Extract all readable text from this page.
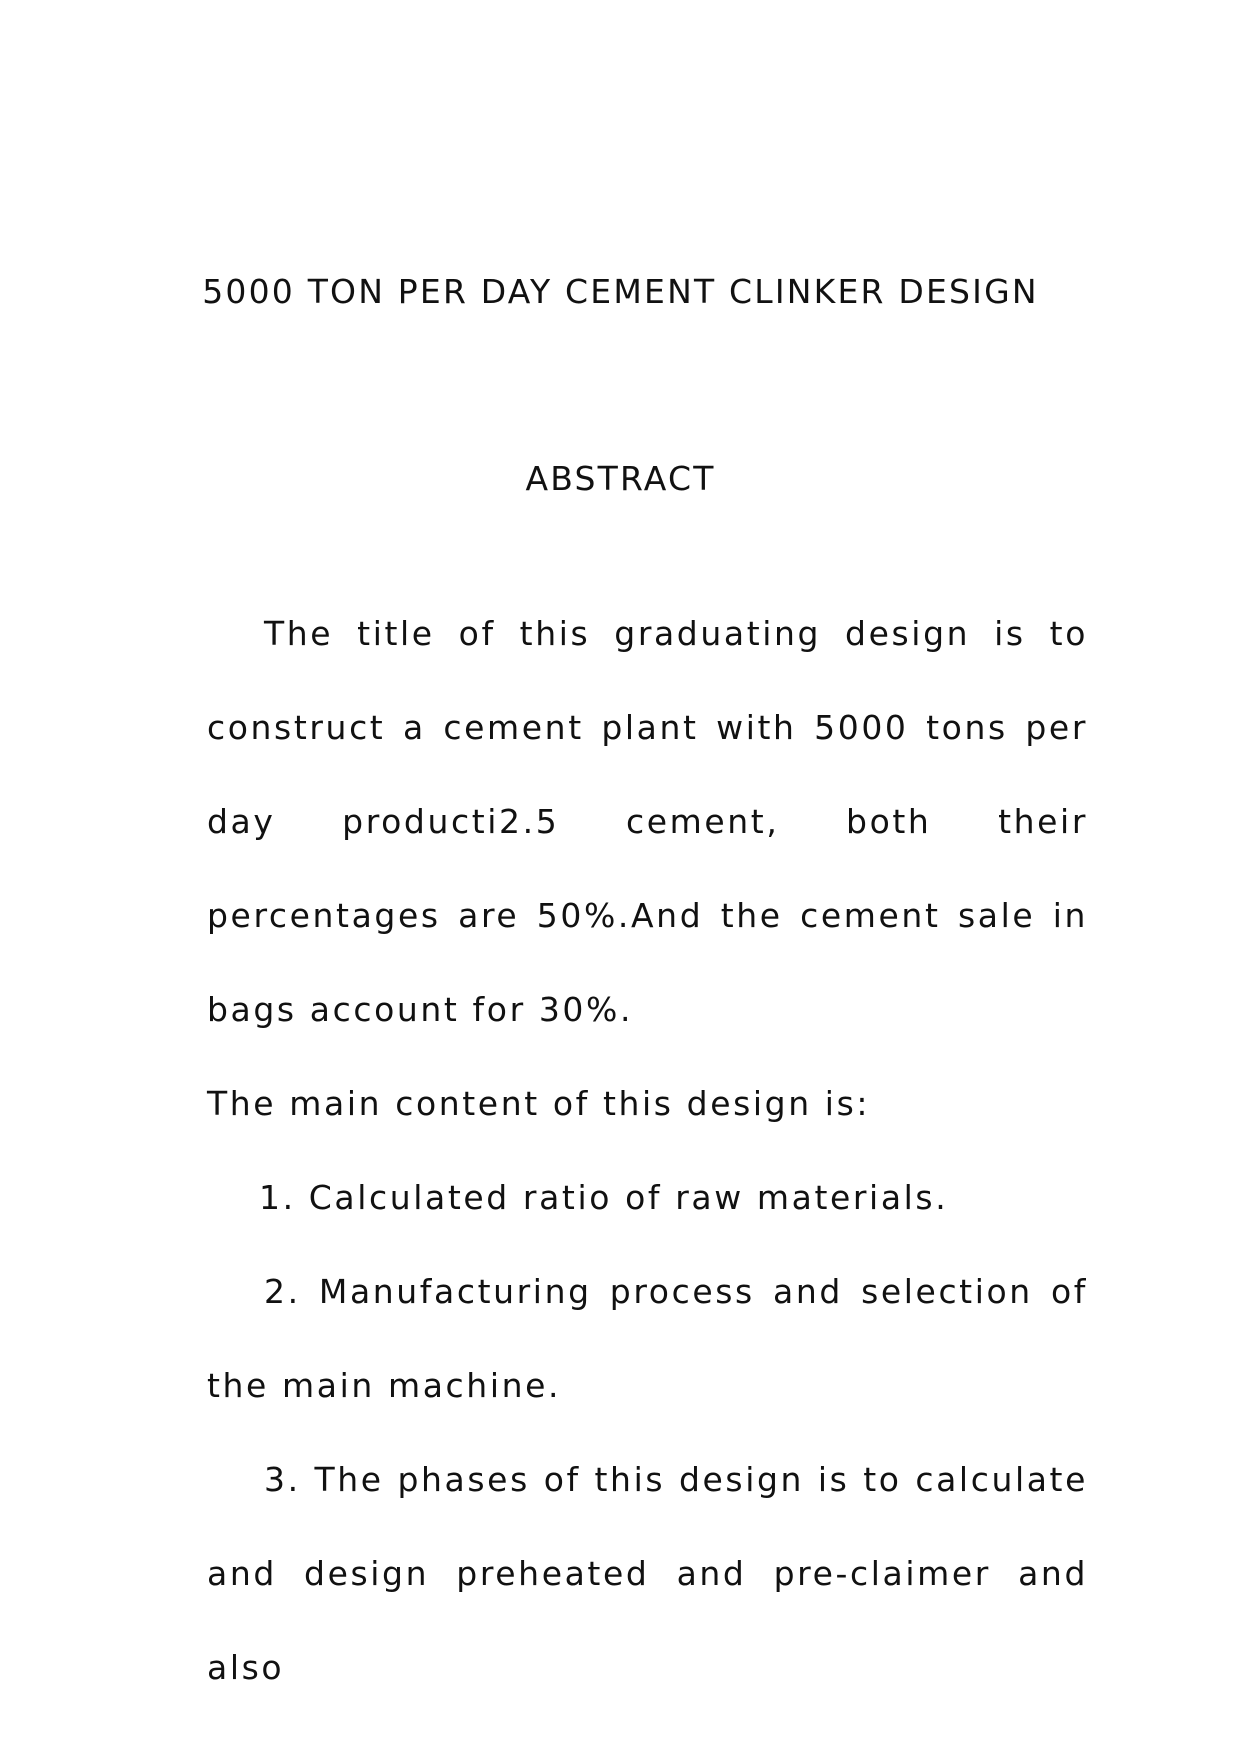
5000 TON PER DAY CEMENT CLINKER DESIGN
ABSTRACT

The title of this graduating design is to construct a cement plant with 5000 tons per day producti2.5 cement, both their percentages are 50%.And the cement sale in bags account for 30%.

The main content of this design is:

1. Calculated ratio of raw materials.

2. Manufacturing process and selection of the main machine.

3. The phases of this design is to calculate and design preheated and pre-claimer and also
